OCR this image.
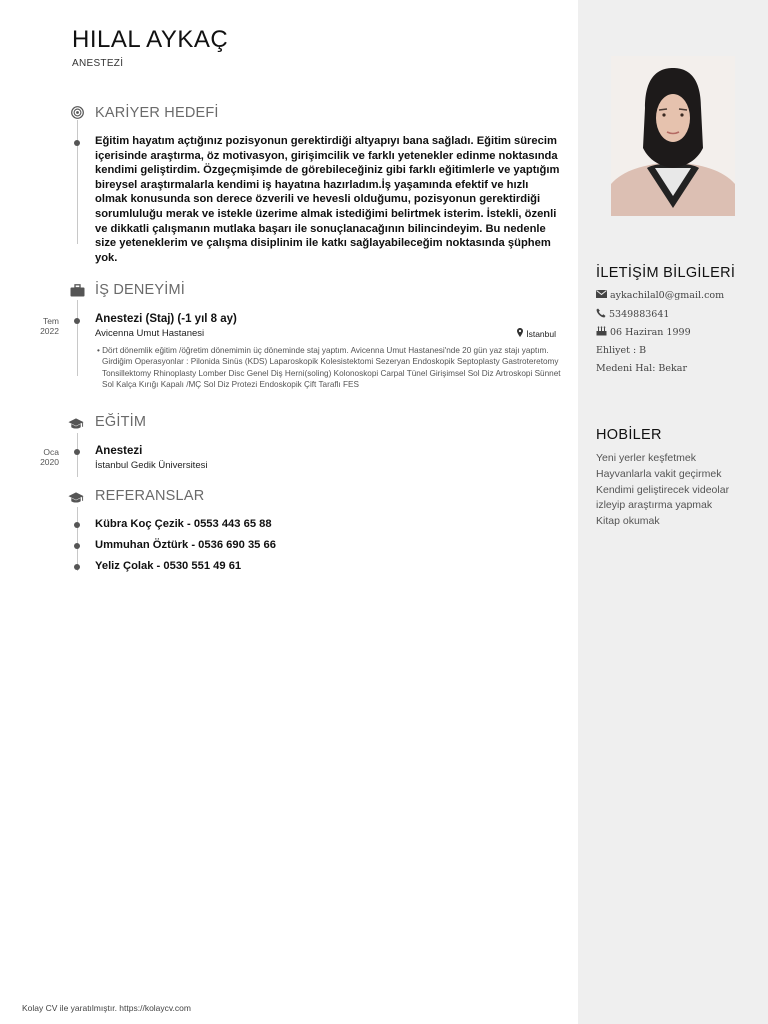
HILAL AYKAÇ
ANESTEZİ
KARİYER HEDEFİ
Eğitim hayatım açtığınız pozisyonun gerektirdiği altyapıyı bana sağladı. Eğitim sürecim içerisinde araştırma, öz motivasyon, girişimcilik ve farklı yetenekler edinme noktasında kendimi geliştirdim. Özgeçmişimde de görebileceğiniz gibi farklı eğitimlerle ve yaptığım bireysel araştırmalarla kendimi iş hayatına hazırladım.İş yaşamında efektif ve hızlı olmak konusunda son derece özverili ve hevesli olduğumu, pozisyonun gerektirdiği sorumluluğu merak ve istekle üzerime almak istediğimi belirtmek isterim. İstekli, özenli ve dikkatli çalışmanın mutlaka başarı ile sonuçlanacağının bilincindeyim. Bu nedenle size yeteneklerim ve çalışma disiplinim ile katkı sağlayabileceğim noktasında şüphem yok.
İŞ DENEYİMİ
Tem
2022
Anestezi (Staj) (-1 yıl 8 ay)
Avicenna Umut Hastanesi	İstanbul
• Dört dönemlik eğitim /öğretim dönemimin üç döneminde staj yaptım. Avicenna Umut Hastanesi'nde 20 gün yaz stajı yaptım. Girdiğim Operasyonlar : Pilonida Sinüs (KDS) Laparoskopik Kolesistektomi Sezeryan Endoskopik Septoplasty Gastroteretomy Tonsillektomy Rhinoplasty Lomber Disc Genel Diş Herni(soling) Kolonoskopi Carpal Tünel Girişimsel Sol Diz Artroskopi Sünnet Sol Kalça Kırığı Kapalı /MÇ Sol Diz Protezi Endoskopik Çift Taraflı FES
EĞİTİM
Oca
2020
Anestezi
İstanbul Gedik Üniversitesi
REFERANSLAR
Kübra Koç Çezik - 0553 443 65 88
Ummuhan Öztürk - 0536 690 35 66
Yeliz Çolak - 0530 551 49 61
İLETİŞİM BİLGİLERİ
aykachilal0@gmail.com
5349883641
06 Haziran 1999
Ehliyet : B
Medeni Hal: Bekar
HOBİLER
Yeni yerler keşfetmek
Hayvanlarla vakit geçirmek
Kendimi geliştirecek videolar
izleyip araştırma yapmak
Kitap okumak
Kolay CV ile yaratılmıştır. https://kolaycv.com
